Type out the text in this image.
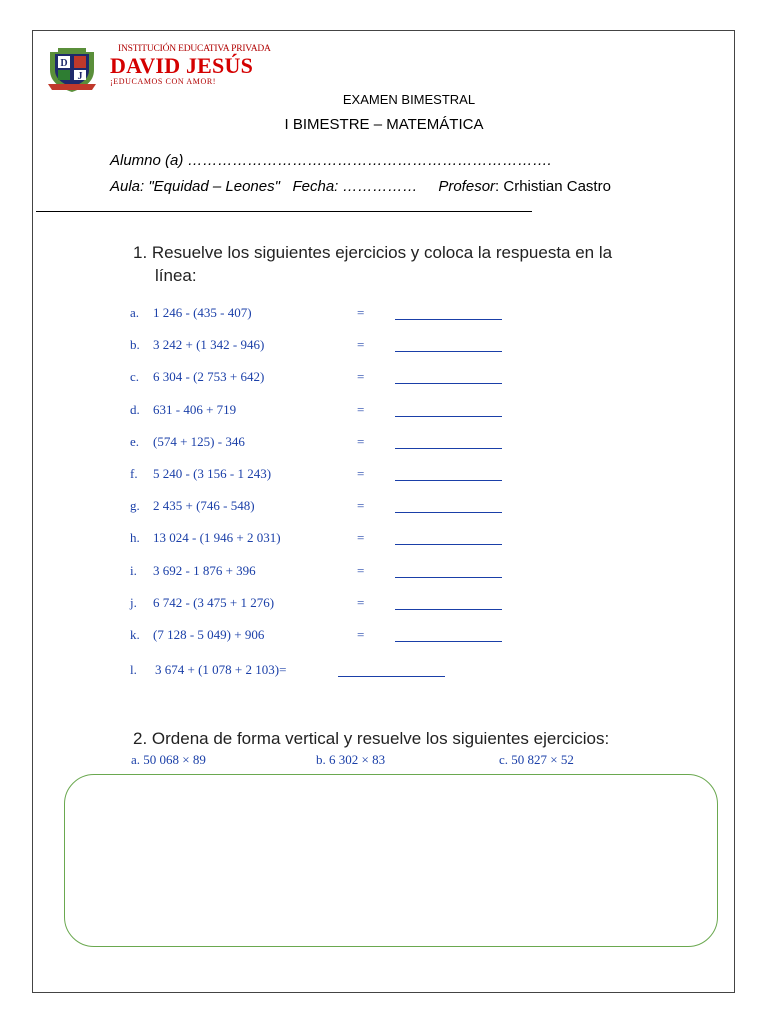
D
J
INSTITUCIÓN EDUCATIVA PRIVADA
DAVID JESÚS
¡EDUCAMOS CON AMOR!
EXAMEN BIMESTRAL
I BIMESTRE – MATEMÁTICA
Alumno (a) ……………………………………………………………….
Aula: "Equidad – Leones" Fecha: …………… Profesor: Crhistian Castro
1. Resuelve los siguientes ejercicios y coloca la respuesta en la
línea:
a. 1 246 - (435 - 407)	=
b. 3 242 + (1 342 - 946)	=
c. 6 304 - (2 753 + 642)	=
d. 631 - 406 + 719	=
e. (574 + 125) - 346	=
f. 5 240 - (3 156 - 1 243)	=
g. 2 435 + (746 - 548)	=
h. 13 024 - (1 946 + 2 031)	=
i. 3 692 - 1 876 + 396	=
j. 6 742 - (3 475 + 1 276)	=
k. (7 128 - 5 049) + 906	=
l. 3 674 + (1 078 + 2 103)=
2. Ordena de forma vertical y resuelve los siguientes ejercicios:
a. 50 068 × 89	b. 6 302 × 83	c. 50 827 × 52
